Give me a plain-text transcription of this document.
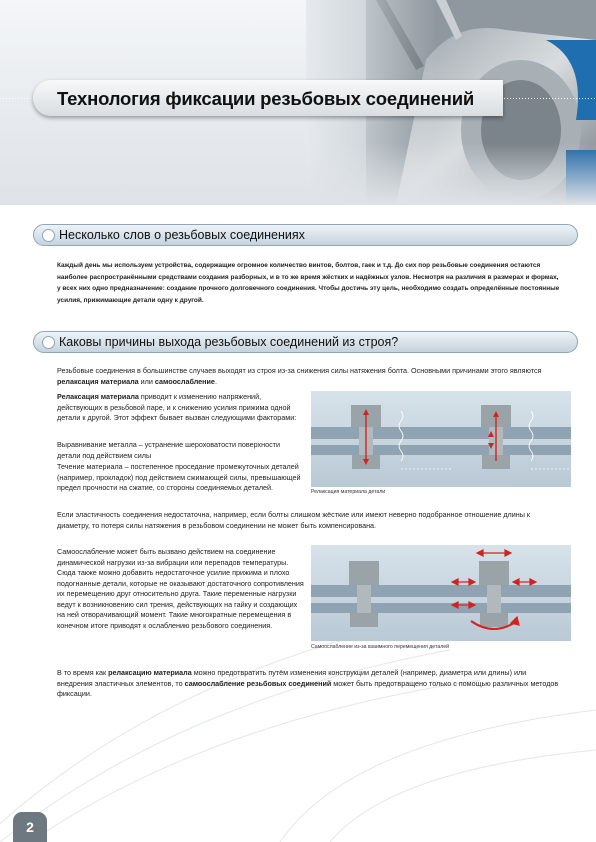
Технология фиксации резьбовых соединений
Несколько слов о резьбовых соединениях

Каждый день мы используем устройства, содержащие огромное количество винтов, болтов, гаек и т.д. До сих пор резьбовые соединения остаются наиболее распространёнными средствами создания разборных, и в то же время жёстких и надёжных узлов. Несмотря на различия в размерах и формах, у всех них одно предназначение: создание прочного долговечного соединения. Чтобы достичь эту цель, необходимо создать определённые постоянные усилия, прижимающие детали одну к другой.

Каковы причины выхода резьбовых соединений из строя?

Резьбовые соединения в большинстве случаев выходят из строя из-за снижения силы натяжения болта. Основными причинами этого являются релаксация материала или самоослабление.

Релаксация материала приводит к изменению напряжений, действующих в резьбовой паре, и к снижению усилия прижима одной детали к другой. Этот эффект бывает вызван следующими факторами:

Выравнивание металла – устранение шероховатости поверхности детали под действием силы

Течение материала – постепенное проседание промежуточных деталей (например, прокладок) под действием сжимающей силы, превышающей предел прочности на сжатие, со стороны соединяемых деталей.	Релаксация материала детали

Если эластичность соединения недостаточна, например, если болты слишком жёсткие или имеют неверно подобранное отношение длины к диаметру, то потеря силы натяжения в резьбовом соединении не может быть компенсирована.

Самоослабление может быть вызвано действием на соединение динамической нагрузки из-за вибрации или перепадов температуры. Сюда также можно добавить недостаточное усилие прижима и плохо подогнанные детали, которые не оказывают достаточного сопротивления их перемещению друг относительно друга. Такие переменные нагрузки ведут к возникновению сил трения, действующих на гайку и создающих на ней отворачивающий момент. Такие многократные перемещения в конечном итоге приводят к ослаблению резьбового соединения.

Самоослабление из-за взаимного перемещения деталей

В то время как релаксацию материала можно предотвратить путём изменения конструкции деталей (например, диаметра или длины) или внедрения эластичных элементов, то самоослабление резьбовых соединений может быть предотвращено только с помощью различных методов фиксации.

2
